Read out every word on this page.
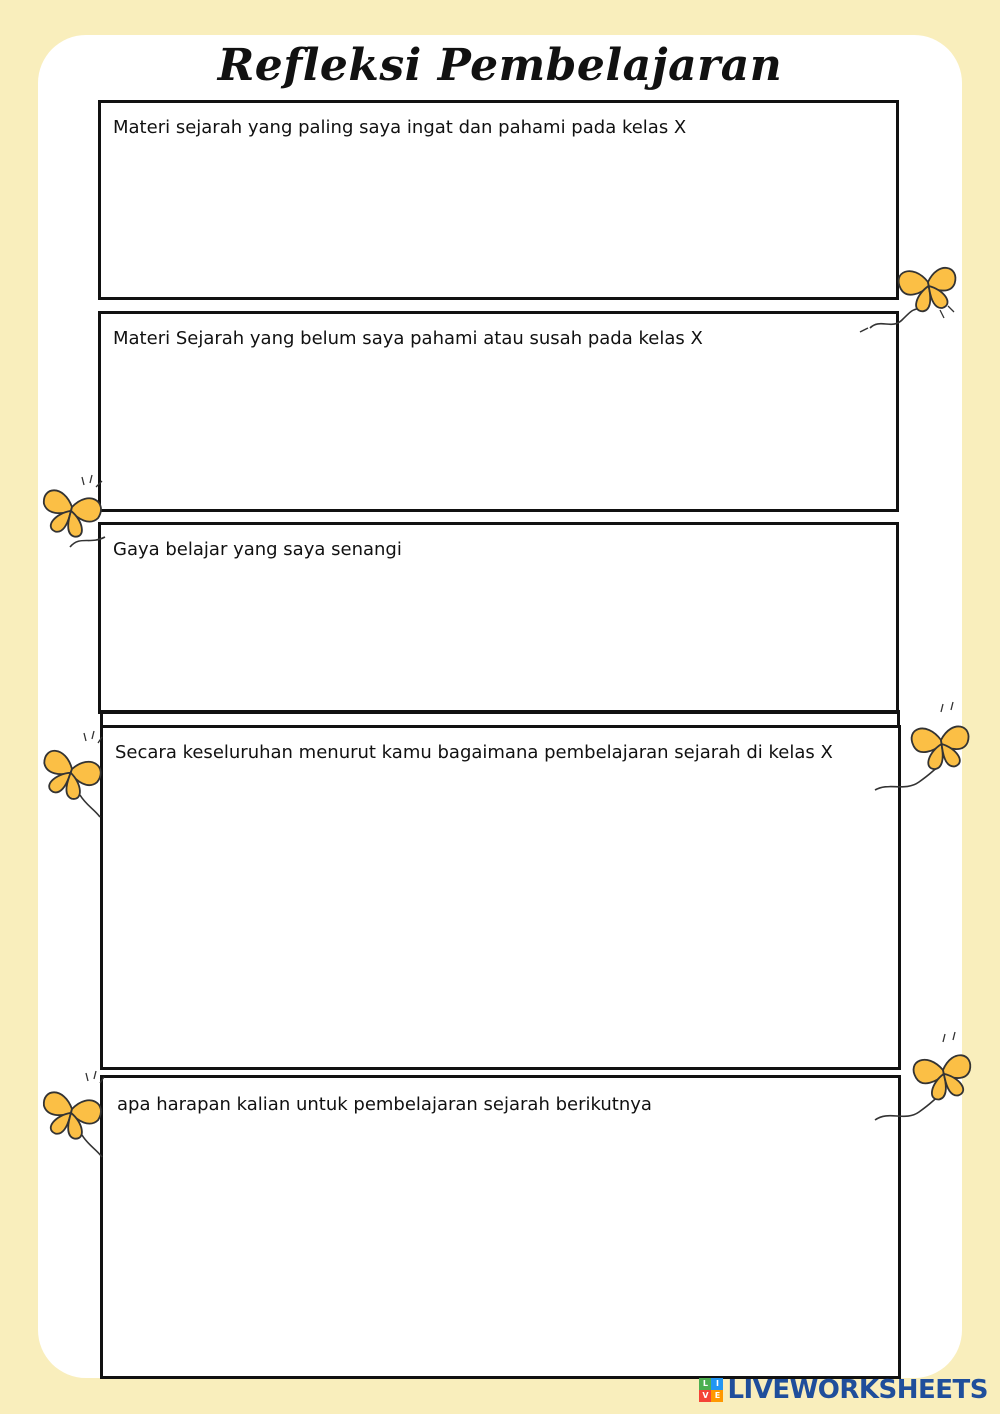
Refleksi Pembelajaran
Materi sejarah yang paling saya ingat dan pahami pada kelas X
Materi Sejarah yang belum saya pahami atau susah pada kelas X
Gaya belajar yang saya senangi
Secara keseluruhan menurut kamu bagaimana pembelajaran sejarah di kelas X
apa harapan kalian untuk pembelajaran sejarah berikutnya
L I
V E LIVEWORKSHEETS
